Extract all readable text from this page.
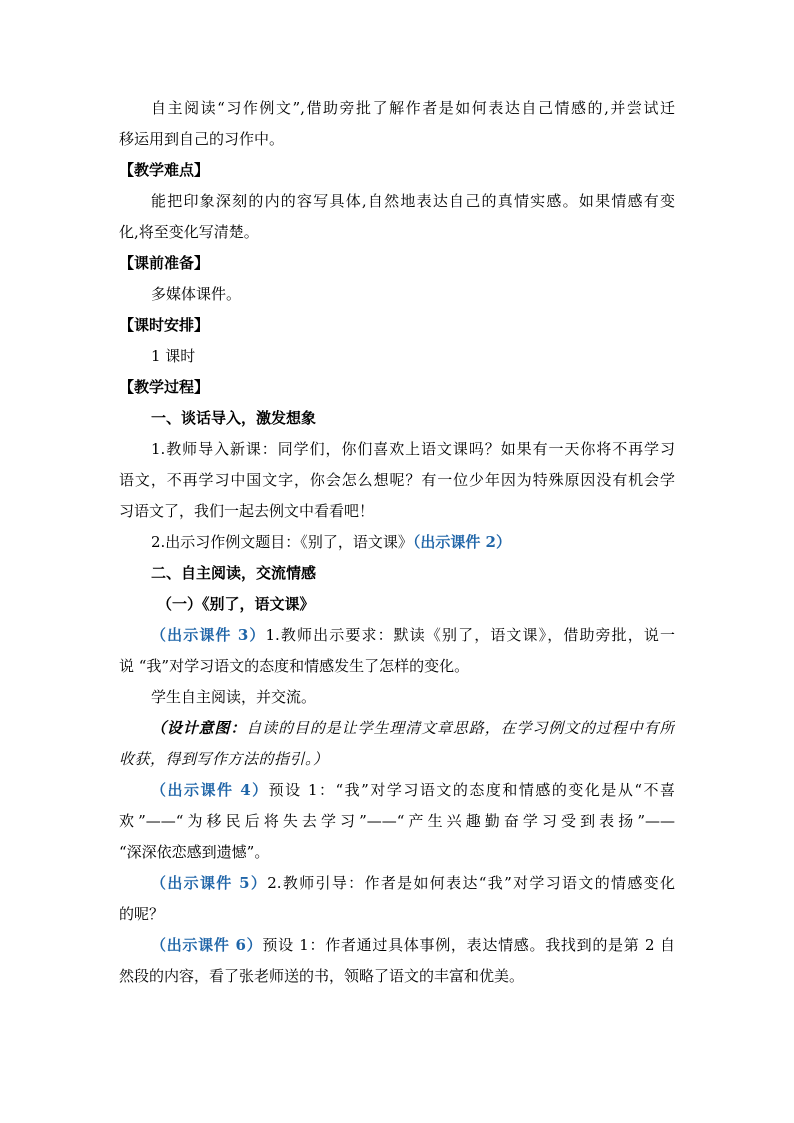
自主阅读“习作例文”,借助旁批了解作者是如何表达自己情感的,并尝试迁
移运用到自己的习作中。
【教学难点】
能把印象深刻的内的容写具体,自然地表达自己的真情实感。如果情感有变
化,将至变化写清楚。
【课前准备】
多媒体课件。
【课时安排】
1 课时
【教学过程】
一、谈话导入，激发想象
1.教师导入新课：同学们，你们喜欢上语文课吗？如果有一天你将不再学习
语文，不再学习中国文字，你会怎么想呢？有一位少年因为特殊原因没有机会学
习语文了，我们一起去例文中看看吧！
2.出示习作例文题目：《别了，语文课》（出示课件 2）
二、自主阅读，交流情感
（一）《别了，语文课》
（出示课件 3）1.教师出示要求：默读《别了，语文课》，借助旁批，说一
说 “我”对学习语文的态度和情感发生了怎样的变化。
学生自主阅读，并交流。
（设计意图：自读的目的是让学生理清文章思路，在学习例文的过程中有所
收获，得到写作方法的指引。）
（出示课件 4）预设 1：“我”对学习语文的态度和情感的变化是从“不喜
欢”——“为移民后将失去学习”——“产生兴趣勤奋学习受到表扬”——
“深深依恋感到遗憾”。
（出示课件 5）2.教师引导：作者是如何表达“我”对学习语文的情感变化
的呢？
（出示课件 6）预设 1：作者通过具体事例，表达情感。我找到的是第 2 自
然段的内容，看了张老师送的书，领略了语文的丰富和优美。
